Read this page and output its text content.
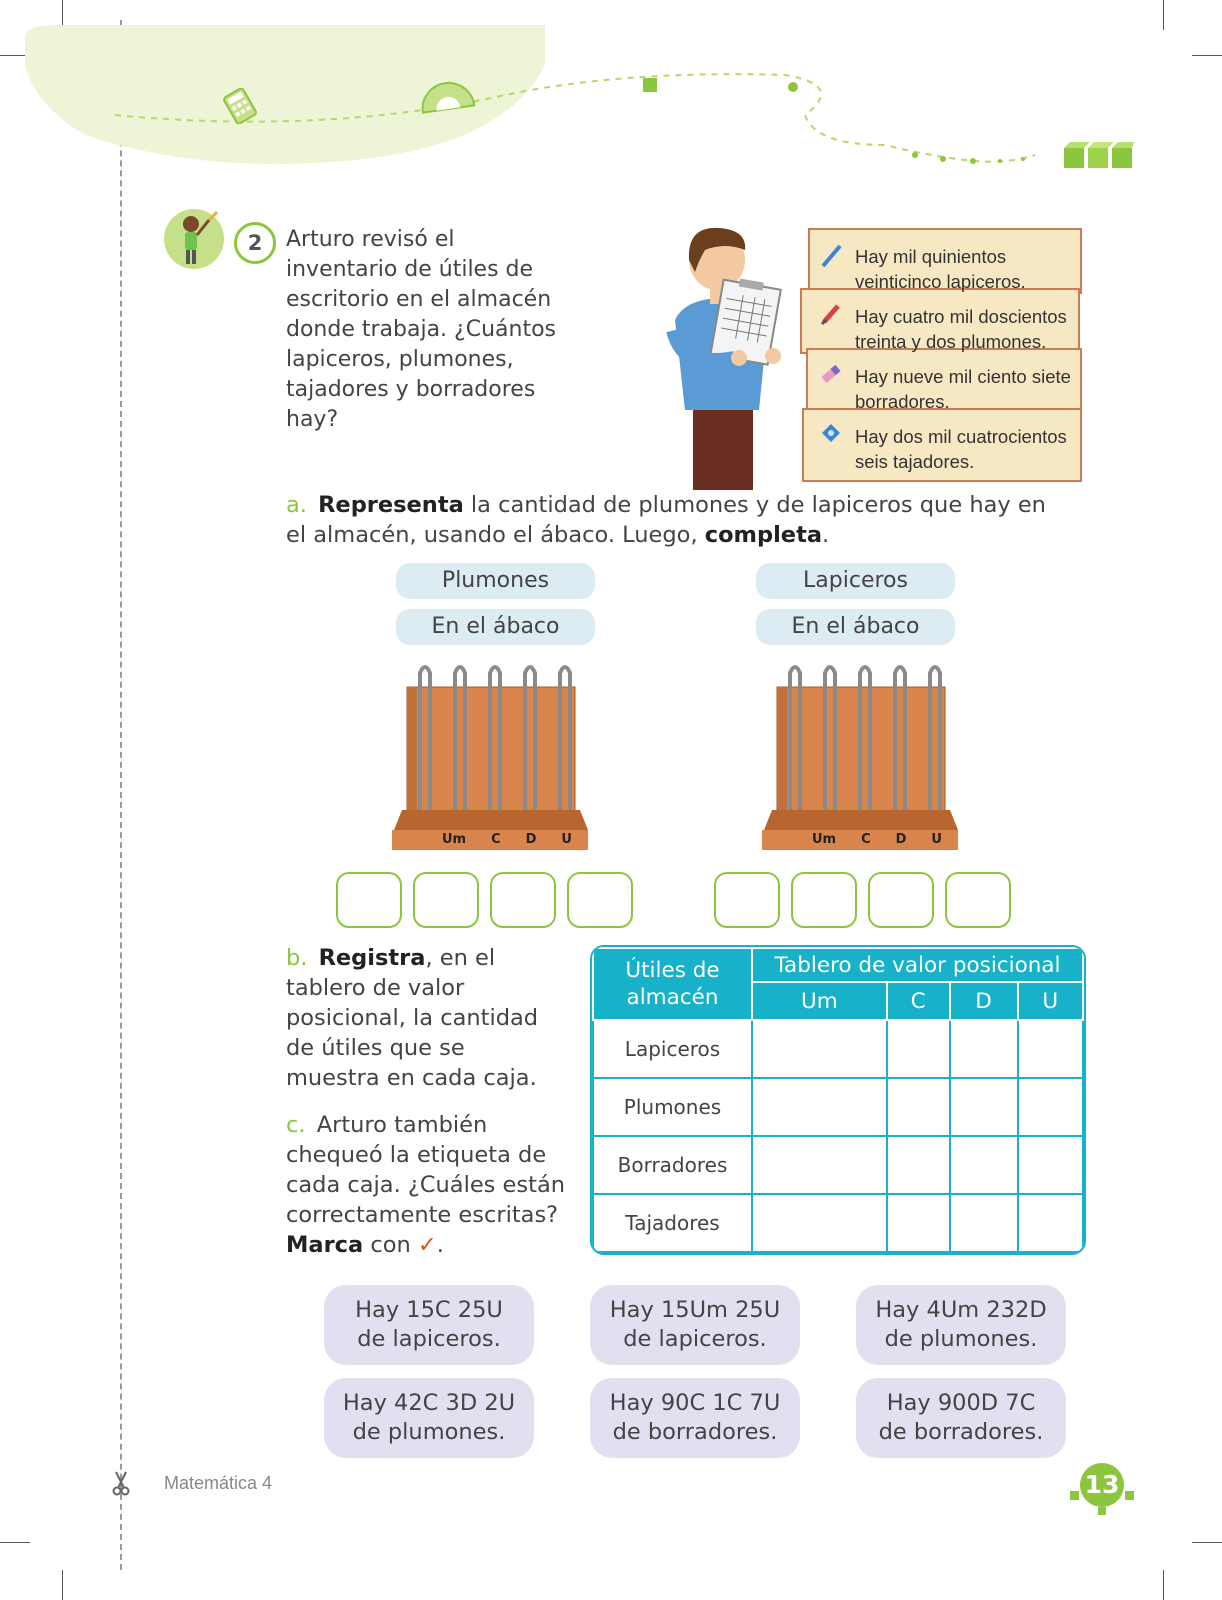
2	Arturo revisó el inventario de útiles de escritorio en el almacén donde trabaja. ¿Cuántos lapiceros, plumones, tajadores y borradores hay?
Hay mil quinientos veinticinco lapiceros.
Hay cuatro mil doscientos treinta y dos plumones.
Hay nueve mil ciento siete borradores.
Hay dos mil cuatrocientos seis tajadores.
a. Representa la cantidad de plumones y de lapiceros que hay en el almacén, usando el ábaco. Luego, completa.
Plumones
En el ábaco
Um C D U
Lapiceros
En el ábaco
Um C D U
b. Registra, en el tablero de valor posicional, la cantidad de útiles que se muestra en cada caja.
c. Arturo también chequeó la etiqueta de cada caja. ¿Cuáles están correctamente escritas? Marca con ✓.
Útiles de almacén	Tablero de valor posicional			
	Um	C	D	U
Lapiceros				
Plumones				
Borradores				
Tajadores				
Hay 15C 25U
de lapiceros.
Hay 15Um 25U
de lapiceros.
Hay 4Um 232D
de plumones.
Hay 42C 3D 2U
de plumones.
Hay 90C 1C 7U
de borradores.
Hay 900D 7C
de borradores.
Matemática 4	13
